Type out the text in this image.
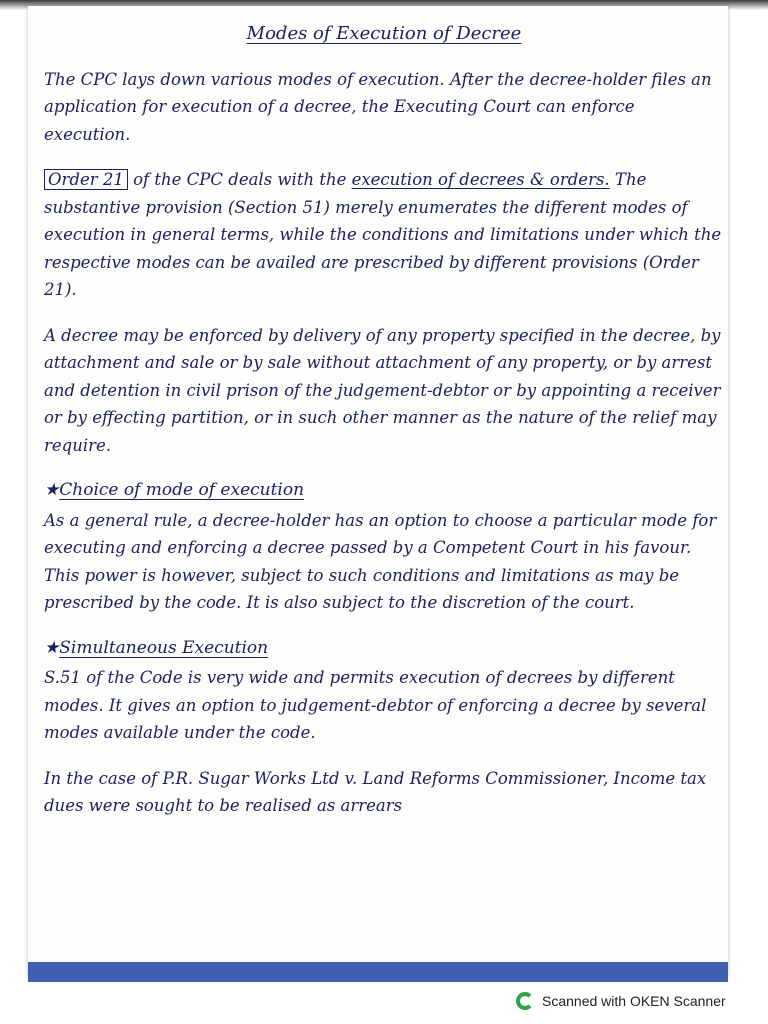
Modes of Execution of Decree

The CPC lays down various modes of execution. After the decree-holder files an application for execution of a decree, the Executing Court can enforce execution.

Order 21 of the CPC deals with the execution of decrees & orders. The substantive provision (Section 51) merely enumerates the different modes of execution in general terms, while the conditions and limitations under which the respective modes can be availed are prescribed by different provisions (Order 21).

A decree may be enforced by delivery of any property specified in the decree, by attachment and sale or by sale without attachment of any property, or by arrest and detention in civil prison of the judgement-debtor or by appointing a receiver or by effecting partition, or in such other manner as the nature of the relief may require.

★Choice of mode of execution
As a general rule, a decree-holder has an option to choose a particular mode for executing and enforcing a decree passed by a Competent Court in his favour.

This power is however, subject to such conditions and limitations as may be prescribed by the code. It is also subject to the discretion of the court.

★Simultaneous Execution

S.51 of the Code is very wide and permits execution of decrees by different modes. It gives an option to judgement-debtor of enforcing a decree by several modes available under the code.

In the case of P.R. Sugar Works Ltd v. Land Reforms Commissioner, Income tax dues were sought to be realised as arrears
Scanned with OKEN Scanner
